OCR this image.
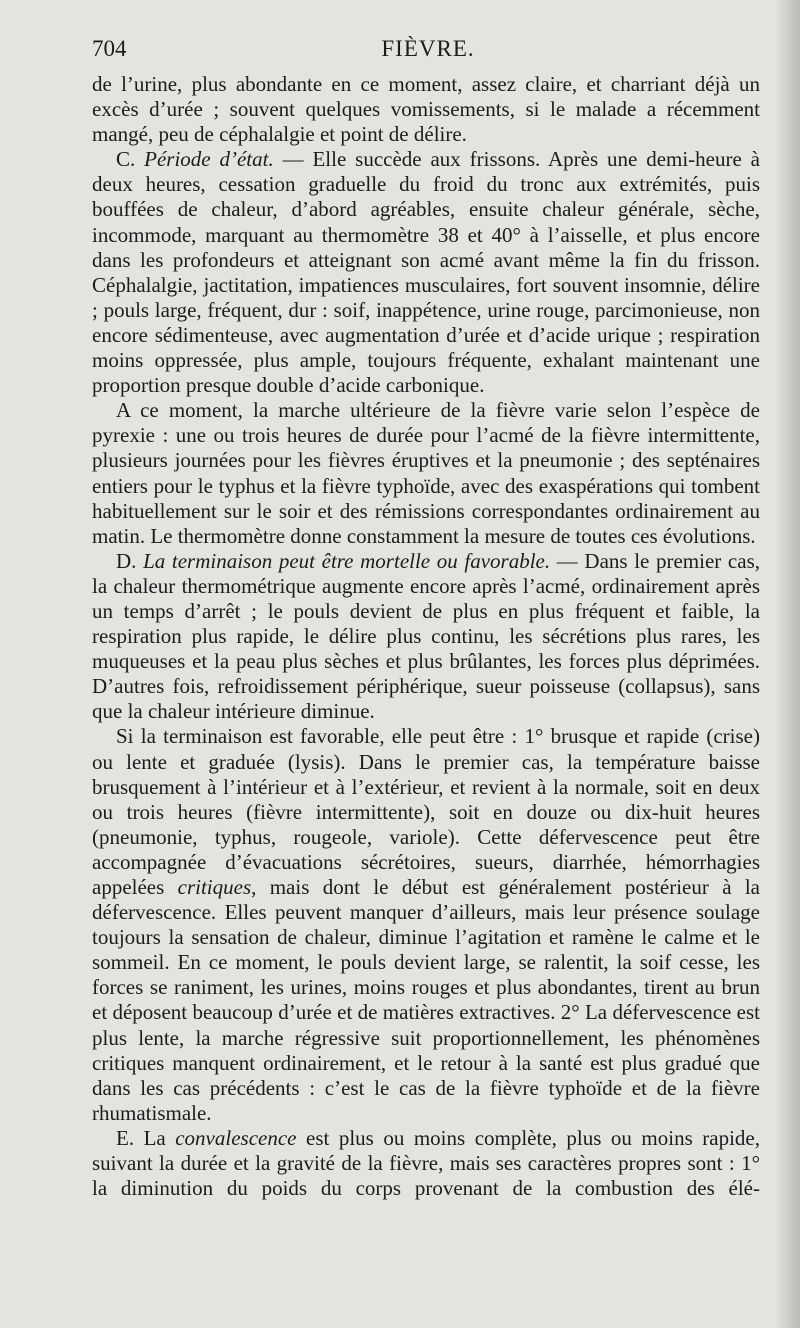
704	FIÈVRE.

de l’urine, plus abondante en ce moment, assez claire, et charriant déjà un excès d’urée ; souvent quelques vomissements, si le malade a récemment mangé, peu de céphalalgie et point de délire.

C. Période d’état. — Elle succède aux frissons. Après une demi-heure à deux heures, cessation graduelle du froid du tronc aux extrémités, puis bouffées de chaleur, d’abord agréables, ensuite chaleur générale, sèche, incommode, marquant au thermomètre 38 et 40° à l’aisselle, et plus encore dans les profondeurs et atteignant son acmé avant même la fin du frisson. Céphalalgie, jactitation, impatiences musculaires, fort souvent insomnie, délire ; pouls large, fréquent, dur : soif, inappétence, urine rouge, parcimonieuse, non encore sédimenteuse, avec augmentation d’urée et d’acide urique ; respiration moins oppressée, plus ample, toujours fréquente, exhalant maintenant une proportion presque double d’acide carbonique.

A ce moment, la marche ultérieure de la fièvre varie selon l’espèce de pyrexie : une ou trois heures de durée pour l’acmé de la fièvre intermittente, plusieurs journées pour les fièvres éruptives et la pneumonie ; des septénaires entiers pour le typhus et la fièvre typhoïde, avec des exaspérations qui tombent habituellement sur le soir et des rémissions correspondantes ordinairement au matin. Le thermomètre donne constamment la mesure de toutes ces évolutions.

D. La terminaison peut être mortelle ou favorable. — Dans le premier cas, la chaleur thermométrique augmente encore après l’acmé, ordinairement après un temps d’arrêt ; le pouls devient de plus en plus fréquent et faible, la respiration plus rapide, le délire plus continu, les sécrétions plus rares, les muqueuses et la peau plus sèches et plus brûlantes, les forces plus déprimées. D’autres fois, refroidissement périphérique, sueur poisseuse (collapsus), sans que la chaleur intérieure diminue.

Si la terminaison est favorable, elle peut être : 1° brusque et rapide (crise) ou lente et graduée (lysis). Dans le premier cas, la température baisse brusquement à l’intérieur et à l’extérieur, et revient à la normale, soit en deux ou trois heures (fièvre intermittente), soit en douze ou dix-huit heures (pneumonie, typhus, rougeole, variole). Cette défervescence peut être accompagnée d’évacuations sécrétoires, sueurs, diarrhée, hémorrhagies appelées critiques, mais dont le début est généralement postérieur à la défervescence. Elles peuvent manquer d’ailleurs, mais leur présence soulage toujours la sensation de chaleur, diminue l’agitation et ramène le calme et le sommeil. En ce moment, le pouls devient large, se ralentit, la soif cesse, les forces se raniment, les urines, moins rouges et plus abondantes, tirent au brun et déposent beaucoup d’urée et de matières extractives. 2° La défervescence est plus lente, la marche régressive suit proportionnellement, les phénomènes critiques manquent ordinairement, et le retour à la santé est plus gradué que dans les cas précédents : c’est le cas de la fièvre typhoïde et de la fièvre rhumatismale.

E. La convalescence est plus ou moins complète, plus ou moins rapide, suivant la durée et la gravité de la fièvre, mais ses caractères propres sont : 1° la diminution du poids du corps provenant de la combustion des élé-
